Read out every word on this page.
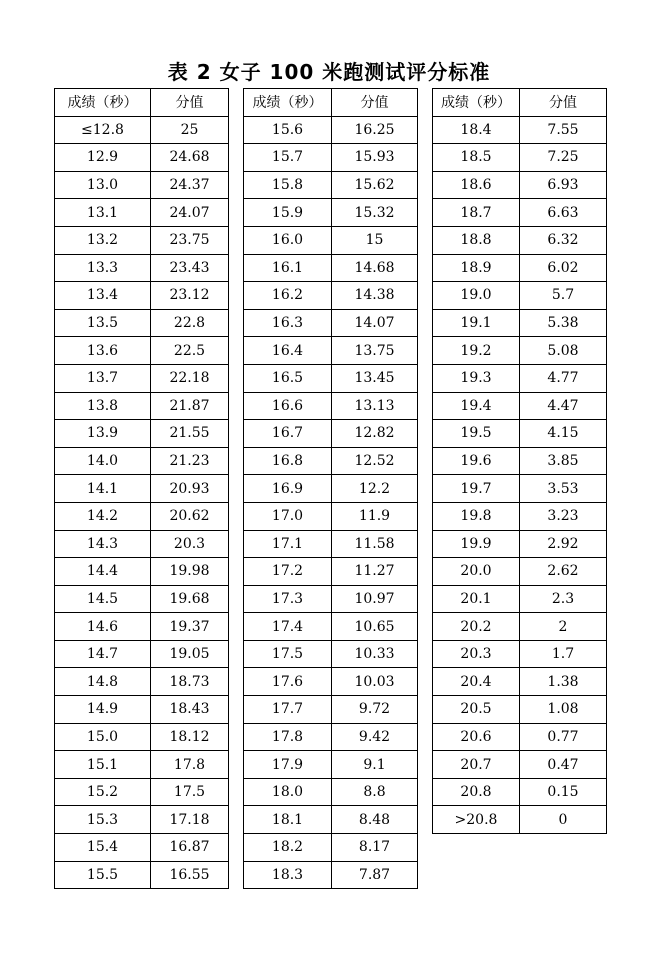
表 2 女子 100 米跑测试评分标准
成绩（秒）	分值
≤12.8	25
12.9	24.68
13.0	24.37
13.1	24.07
13.2	23.75
13.3	23.43
13.4	23.12
13.5	22.8
13.6	22.5
13.7	22.18
13.8	21.87
13.9	21.55
14.0	21.23
14.1	20.93
14.2	20.62
14.3	20.3
14.4	19.98
14.5	19.68
14.6	19.37
14.7	19.05
14.8	18.73
14.9	18.43
15.0	18.12
15.1	17.8
15.2	17.5
15.3	17.18
15.4	16.87
15.5	16.55
成绩（秒）	分值
15.6	16.25
15.7	15.93
15.8	15.62
15.9	15.32
16.0	15
16.1	14.68
16.2	14.38
16.3	14.07
16.4	13.75
16.5	13.45
16.6	13.13
16.7	12.82
16.8	12.52
16.9	12.2
17.0	11.9
17.1	11.58
17.2	11.27
17.3	10.97
17.4	10.65
17.5	10.33
17.6	10.03
17.7	9.72
17.8	9.42
17.9	9.1
18.0	8.8
18.1	8.48
18.2	8.17
18.3	7.87
成绩（秒）	分值
18.4	7.55
18.5	7.25
18.6	6.93
18.7	6.63
18.8	6.32
18.9	6.02
19.0	5.7
19.1	5.38
19.2	5.08
19.3	4.77
19.4	4.47
19.5	4.15
19.6	3.85
19.7	3.53
19.8	3.23
19.9	2.92
20.0	2.62
20.1	2.3
20.2	2
20.3	1.7
20.4	1.38
20.5	1.08
20.6	0.77
20.7	0.47
20.8	0.15
>20.8	0
